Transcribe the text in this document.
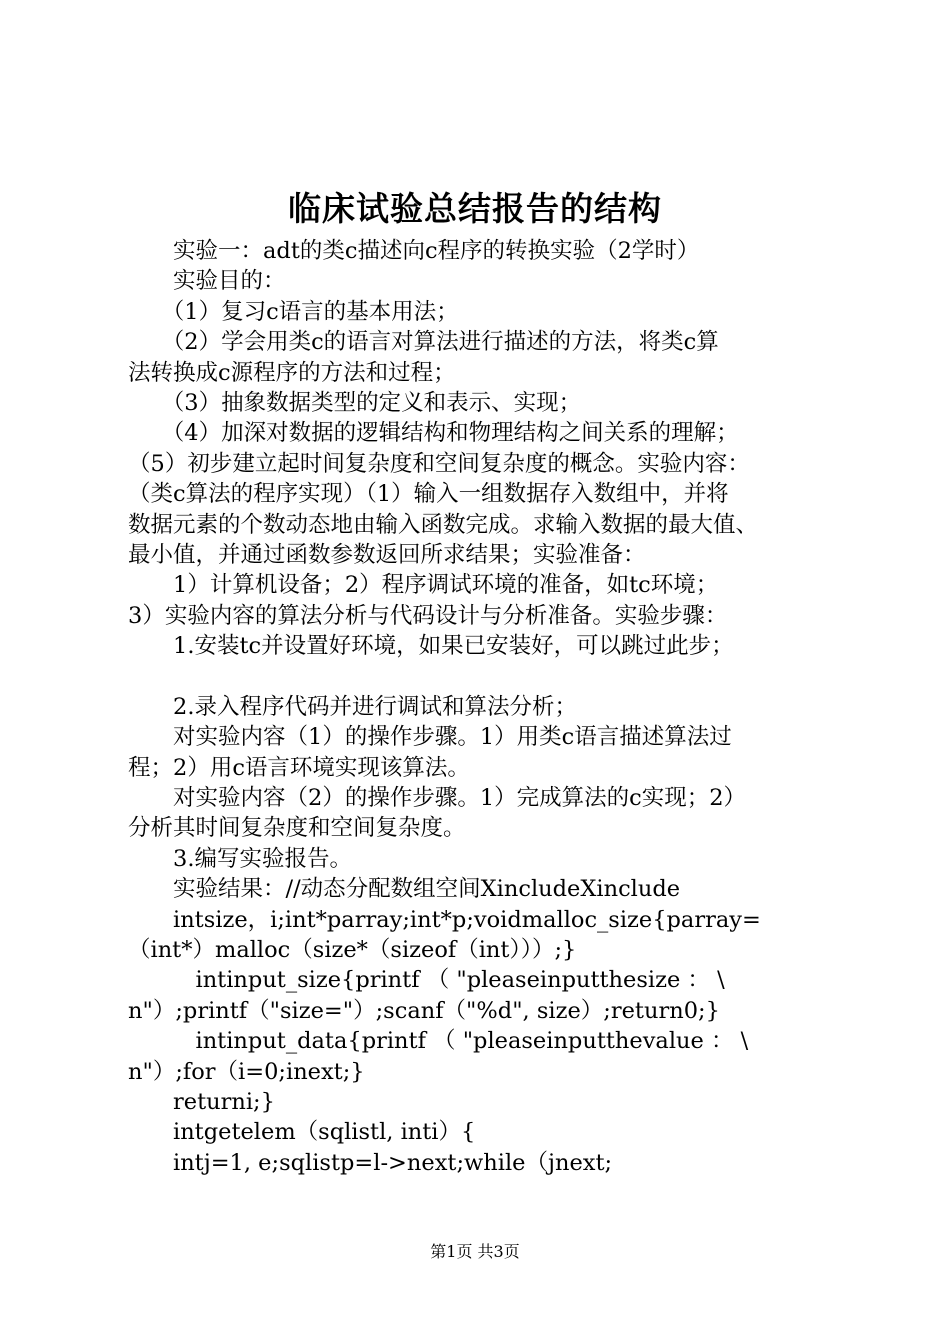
临床试验总结报告的结构

　　实验一：adt的类c描述向c程序的转换实验（2学时）

　　实验目的：

　　（1）复习c语言的基本用法；

　　（2）学会用类c的语言对算法进行描述的方法，将类c算

法转换成c源程序的方法和过程；

　　（3）抽象数据类型的定义和表示、实现；

　　（4）加深对数据的逻辑结构和物理结构之间关系的理解；

（5）初步建立起时间复杂度和空间复杂度的概念。实验内容：

（类c算法的程序实现）（1）输入一组数据存入数组中，并将

数据元素的个数动态地由输入函数完成。求输入数据的最大值、

最小值，并通过函数参数返回所求结果；实验准备：

　　1）计算机设备；2）程序调试环境的准备，如tc环境；

3）实验内容的算法分析与代码设计与分析准备。实验步骤：

　　1.安装tc并设置好环境，如果已安装好，可以跳过此步；

　　2.录入程序代码并进行调试和算法分析；

　　对实验内容（1）的操作步骤。1）用类c语言描述算法过

程；2）用c语言环境实现该算法。

　　对实验内容（2）的操作步骤。1）完成算法的c实现；2）

分析其时间复杂度和空间复杂度。

　　3.编写实验报告。

　　实验结果：//动态分配数组空间XincludeXinclude

　　intsize，i;int*parray;int*p;voidmalloc_size{parray=

（int*）malloc（size*（sizeof（int）））;}

　　　intinput_size{printf （ "pleaseinputthesize ： \

n"）;printf（"size="）;scanf（"%d", size）;return0;}

　　　intinput_data{printf （ "pleaseinputthevalue ： \

n"）;for（i=0;inext;}

　　returni;}

　　intgetelem（sqlistl, inti）{

　　intj=1, e;sqlistp=l->next;while（jnext;

第1页 共3页
